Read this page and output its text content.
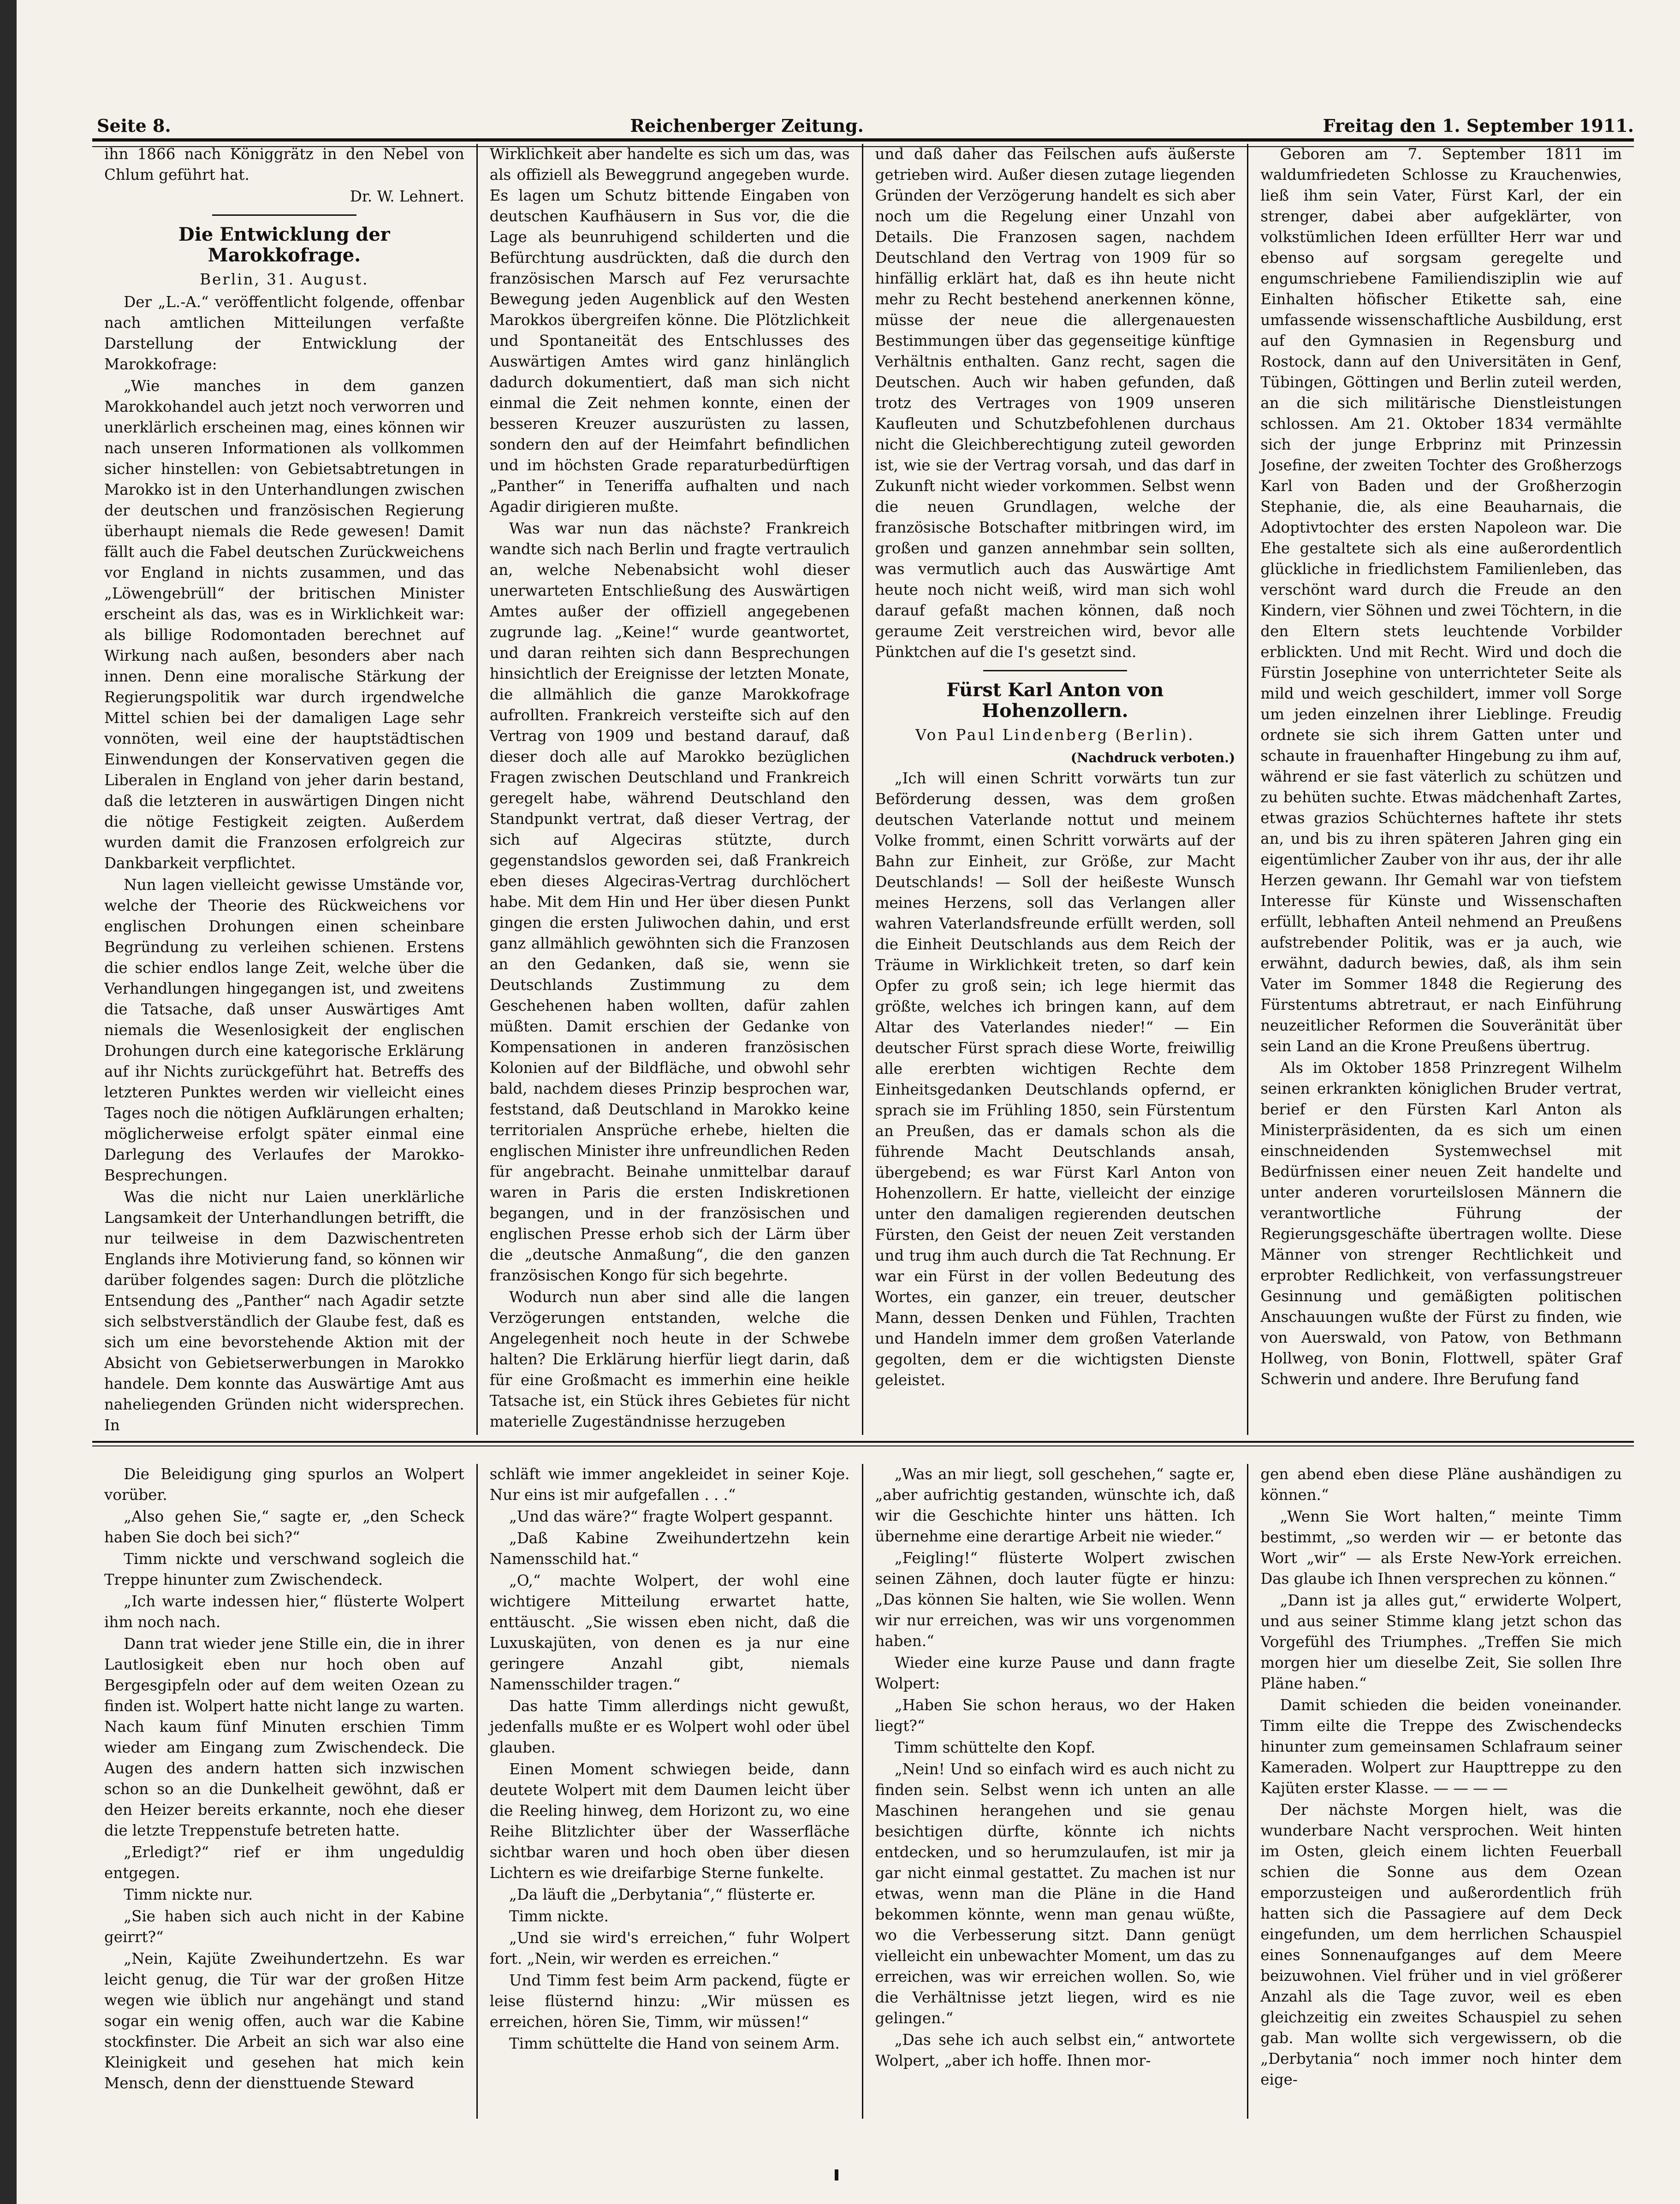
Seite 8.	Reichenberger Zeitung.	Freitag den 1. September 1911.

ihn 1866 nach Königgrätz in den Nebel von Chlum geführt hat.

Dr. W. Lehnert.

Die Entwicklung der Marokkofrage.
Berlin, 31. August.

Der „L.-A.“ veröffentlicht folgende, offenbar nach amtlichen Mitteilungen verfaßte Darstellung der Entwicklung der Marokkofrage:

„Wie manches in dem ganzen Marokkohandel auch jetzt noch verworren und unerklärlich erscheinen mag, eines können wir nach unseren Informationen als vollkommen sicher hinstellen: von Gebietsabtretungen in Marokko ist in den Unterhandlungen zwischen der deutschen und französischen Regierung überhaupt niemals die Rede gewesen! Damit fällt auch die Fabel deutschen Zurückweichens vor England in nichts zusammen, und das „Löwengebrüll“ der britischen Minister erscheint als das, was es in Wirklichkeit war: als billige Rodomontaden berechnet auf Wirkung nach außen, besonders aber nach innen. Denn eine moralische Stärkung der Regierungspolitik war durch irgendwelche Mittel schien bei der damaligen Lage sehr vonnöten, weil eine der hauptstädtischen Einwendungen der Konservativen gegen die Liberalen in England von jeher darin bestand, daß die letzteren in auswärtigen Dingen nicht die nötige Festigkeit zeigten. Außerdem wurden damit die Franzosen erfolgreich zur Dankbarkeit verpflichtet.

Nun lagen vielleicht gewisse Umstände vor, welche der Theorie des Rückweichens vor englischen Drohungen einen scheinbare Begründung zu verleihen schienen. Erstens die schier endlos lange Zeit, welche über die Verhandlungen hingegangen ist, und zweitens die Tatsache, daß unser Auswärtiges Amt niemals die Wesenlosigkeit der englischen Drohungen durch eine kategorische Erklärung auf ihr Nichts zurückgeführt hat. Betreffs des letzteren Punktes werden wir vielleicht eines Tages noch die nötigen Aufklärungen erhalten; möglicherweise erfolgt später einmal eine Darlegung des Verlaufes der Marokko-Besprechungen.

Was die nicht nur Laien unerklärliche Langsamkeit der Unterhandlungen betrifft, die nur teilweise in dem Dazwischentreten Englands ihre Motivierung fand, so können wir darüber folgendes sagen: Durch die plötzliche Entsendung des „Panther“ nach Agadir setzte sich selbstverständlich der Glaube fest, daß es sich um eine bevorstehende Aktion mit der Absicht von Gebietserwerbungen in Marokko handele. Dem konnte das Auswärtige Amt aus naheliegenden Gründen nicht widersprechen. In

Wirklichkeit aber handelte es sich um das, was als offiziell als Beweggrund angegeben wurde. Es lagen um Schutz bittende Eingaben von deutschen Kaufhäusern in Sus vor, die die Lage als beunruhigend schilderten und die Befürchtung ausdrückten, daß die durch den französischen Marsch auf Fez verursachte Bewegung jeden Augenblick auf den Westen Marokkos übergreifen könne. Die Plötzlichkeit und Spontaneität des Entschlusses des Auswärtigen Amtes wird ganz hinlänglich dadurch dokumentiert, daß man sich nicht einmal die Zeit nehmen konnte, einen der besseren Kreuzer auszurüsten zu lassen, sondern den auf der Heimfahrt befindlichen und im höchsten Grade reparaturbedürftigen „Panther“ in Teneriffa aufhalten und nach Agadir dirigieren mußte.

Was war nun das nächste? Frankreich wandte sich nach Berlin und fragte vertraulich an, welche Nebenabsicht wohl dieser unerwarteten Entschließung des Auswärtigen Amtes außer der offiziell angegebenen zugrunde lag. „Keine!“ wurde geantwortet, und daran reihten sich dann Besprechungen hinsichtlich der Ereignisse der letzten Monate, die allmählich die ganze Marokkofrage aufrollten. Frankreich versteifte sich auf den Vertrag von 1909 und bestand darauf, daß dieser doch alle auf Marokko bezüglichen Fragen zwischen Deutschland und Frankreich geregelt habe, während Deutschland den Standpunkt vertrat, daß dieser Vertrag, der sich auf Algeciras stützte, durch gegenstandslos geworden sei, daß Frankreich eben dieses Algeciras-Vertrag durchlöchert habe. Mit dem Hin und Her über diesen Punkt gingen die ersten Juliwochen dahin, und erst ganz allmählich gewöhnten sich die Franzosen an den Gedanken, daß sie, wenn sie Deutschlands Zustimmung zu dem Geschehenen haben wollten, dafür zahlen müßten. Damit erschien der Gedanke von Kompensationen in anderen französischen Kolonien auf der Bildfläche, und obwohl sehr bald, nachdem dieses Prinzip besprochen war, feststand, daß Deutschland in Marokko keine territorialen Ansprüche erhebe, hielten die englischen Minister ihre unfreundlichen Reden für angebracht. Beinahe unmittelbar darauf waren in Paris die ersten Indiskretionen begangen, und in der französischen und englischen Presse erhob sich der Lärm über die „deutsche Anmaßung“, die den ganzen französischen Kongo für sich begehrte.

Wodurch nun aber sind alle die langen Verzögerungen entstanden, welche die Angelegenheit noch heute in der Schwebe halten? Die Erklärung hierfür liegt darin, daß für eine Großmacht es immerhin eine heikle Tatsache ist, ein Stück ihres Gebietes für nicht materielle Zugeständnisse herzugeben

und daß daher das Feilschen aufs äußerste getrieben wird. Außer diesen zutage liegenden Gründen der Verzögerung handelt es sich aber noch um die Regelung einer Unzahl von Details. Die Franzosen sagen, nachdem Deutschland den Vertrag von 1909 für so hinfällig erklärt hat, daß es ihn heute nicht mehr zu Recht bestehend anerkennen könne, müsse der neue die allergenauesten Bestimmungen über das gegenseitige künftige Verhältnis enthalten. Ganz recht, sagen die Deutschen. Auch wir haben gefunden, daß trotz des Vertrages von 1909 unseren Kaufleuten und Schutzbefohlenen durchaus nicht die Gleichberechtigung zuteil geworden ist, wie sie der Vertrag vorsah, und das darf in Zukunft nicht wieder vorkommen. Selbst wenn die neuen Grundlagen, welche der französische Botschafter mitbringen wird, im großen und ganzen annehmbar sein sollten, was vermutlich auch das Auswärtige Amt heute noch nicht weiß, wird man sich wohl darauf gefaßt machen können, daß noch geraume Zeit verstreichen wird, bevor alle Pünktchen auf die I's gesetzt sind.

Fürst Karl Anton von Hohenzollern.
Von Paul Lindenberg (Berlin).
(Nachdruck verboten.)

„Ich will einen Schritt vorwärts tun zur Beförderung dessen, was dem großen deutschen Vaterlande nottut und meinem Volke frommt, einen Schritt vorwärts auf der Bahn zur Einheit, zur Größe, zur Macht Deutschlands! — Soll der heißeste Wunsch meines Herzens, soll das Verlangen aller wahren Vaterlandsfreunde erfüllt werden, soll die Einheit Deutschlands aus dem Reich der Träume in Wirklichkeit treten, so darf kein Opfer zu groß sein; ich lege hiermit das größte, welches ich bringen kann, auf dem Altar des Vaterlandes nieder!“ — Ein deutscher Fürst sprach diese Worte, freiwillig alle ererbten wichtigen Rechte dem Einheitsgedanken Deutschlands opfernd, er sprach sie im Frühling 1850, sein Fürstentum an Preußen, das er damals schon als die führende Macht Deutschlands ansah, übergebend; es war Fürst Karl Anton von Hohenzollern. Er hatte, vielleicht der einzige unter den damaligen regierenden deutschen Fürsten, den Geist der neuen Zeit verstanden und trug ihm auch durch die Tat Rechnung. Er war ein Fürst in der vollen Bedeutung des Wortes, ein ganzer, ein treuer, deutscher Mann, dessen Denken und Fühlen, Trachten und Handeln immer dem großen Vaterlande gegolten, dem er die wichtigsten Dienste geleistet.

Geboren am 7. September 1811 im waldumfriedeten Schlosse zu Krauchenwies, ließ ihm sein Vater, Fürst Karl, der ein strenger, dabei aber aufgeklärter, von volkstümlichen Ideen erfüllter Herr war und ebenso auf sorgsam geregelte und engumschriebene Familiendisziplin wie auf Einhalten höfischer Etikette sah, eine umfassende wissenschaftliche Ausbildung, erst auf den Gymnasien in Regensburg und Rostock, dann auf den Universitäten in Genf, Tübingen, Göttingen und Berlin zuteil werden, an die sich militärische Dienstleistungen schlossen. Am 21. Oktober 1834 vermählte sich der junge Erbprinz mit Prinzessin Josefine, der zweiten Tochter des Großherzogs Karl von Baden und der Großherzogin Stephanie, die, als eine Beauharnais, die Adoptivtochter des ersten Napoleon war. Die Ehe gestaltete sich als eine außerordentlich glückliche in friedlichstem Familienleben, das verschönt ward durch die Freude an den Kindern, vier Söhnen und zwei Töchtern, in die den Eltern stets leuchtende Vorbilder erblickten. Und mit Recht. Wird und doch die Fürstin Josephine von unterrichteter Seite als mild und weich geschildert, immer voll Sorge um jeden einzelnen ihrer Lieblinge. Freudig ordnete sie sich ihrem Gatten unter und schaute in frauenhafter Hingebung zu ihm auf, während er sie fast väterlich zu schützen und zu behüten suchte. Etwas mädchenhaft Zartes, etwas grazios Schüchternes haftete ihr stets an, und bis zu ihren späteren Jahren ging ein eigentümlicher Zauber von ihr aus, der ihr alle Herzen gewann. Ihr Gemahl war von tiefstem Interesse für Künste und Wissenschaften erfüllt, lebhaften Anteil nehmend an Preußens aufstrebender Politik, was er ja auch, wie erwähnt, dadurch bewies, daß, als ihm sein Vater im Sommer 1848 die Regierung des Fürstentums abtretraut, er nach Einführung neuzeitlicher Reformen die Souveränität über sein Land an die Krone Preußens übertrug.

Als im Oktober 1858 Prinzregent Wilhelm seinen erkrankten königlichen Bruder vertrat, berief er den Fürsten Karl Anton als Ministerpräsidenten, da es sich um einen einschneidenden Systemwechsel mit Bedürfnissen einer neuen Zeit handelte und unter anderen vorurteilslosen Männern die verantwortliche Führung der Regierungsgeschäfte übertragen wollte. Diese Männer von strenger Rechtlichkeit und erprobter Redlichkeit, von verfassungstreuer Gesinnung und gemäßigten politischen Anschauungen wußte der Fürst zu finden, wie von Auerswald, von Patow, von Bethmann Hollweg, von Bonin, Flottwell, später Graf Schwerin und andere. Ihre Berufung fand

Die Beleidigung ging spurlos an Wolpert vorüber.

„Also gehen Sie,“ sagte er, „den Scheck haben Sie doch bei sich?“

Timm nickte und verschwand sogleich die Treppe hinunter zum Zwischendeck.

„Ich warte indessen hier,“ flüsterte Wolpert ihm noch nach.

Dann trat wieder jene Stille ein, die in ihrer Lautlosigkeit eben nur hoch oben auf Bergesgipfeln oder auf dem weiten Ozean zu finden ist. Wolpert hatte nicht lange zu warten. Nach kaum fünf Minuten erschien Timm wieder am Eingang zum Zwischendeck. Die Augen des andern hatten sich inzwischen schon so an die Dunkelheit gewöhnt, daß er den Heizer bereits erkannte, noch ehe dieser die letzte Treppenstufe betreten hatte.

„Erledigt?“ rief er ihm ungeduldig entgegen.

Timm nickte nur.

„Sie haben sich auch nicht in der Kabine geirrt?“

„Nein, Kajüte Zweihundertzehn. Es war leicht genug, die Tür war der großen Hitze wegen wie üblich nur angehängt und stand sogar ein wenig offen, auch war die Kabine stockfinster. Die Arbeit an sich war also eine Kleinigkeit und gesehen hat mich kein Mensch, denn der diensttuende Steward

schläft wie immer angekleidet in seiner Koje. Nur eins ist mir aufgefallen . . .“

„Und das wäre?“ fragte Wolpert gespannt.

„Daß Kabine Zweihundertzehn kein Namensschild hat.“

„O,“ machte Wolpert, der wohl eine wichtigere Mitteilung erwartet hatte, enttäuscht. „Sie wissen eben nicht, daß die Luxuskajüten, von denen es ja nur eine geringere Anzahl gibt, niemals Namensschilder tragen.“

Das hatte Timm allerdings nicht gewußt, jedenfalls mußte er es Wolpert wohl oder übel glauben.

Einen Moment schwiegen beide, dann deutete Wolpert mit dem Daumen leicht über die Reeling hinweg, dem Horizont zu, wo eine Reihe Blitzlichter über der Wasserfläche sichtbar waren und hoch oben über diesen Lichtern es wie dreifarbige Sterne funkelte.

„Da läuft die „Derbytania“,“ flüsterte er.

Timm nickte.

„Und sie wird's erreichen,“ fuhr Wolpert fort. „Nein, wir werden es erreichen.“

Und Timm fest beim Arm packend, fügte er leise flüsternd hinzu: „Wir müssen es erreichen, hören Sie, Timm, wir müssen!“

Timm schüttelte die Hand von seinem Arm.

„Was an mir liegt, soll geschehen,“ sagte er, „aber aufrichtig gestanden, wünschte ich, daß wir die Geschichte hinter uns hätten. Ich übernehme eine derartige Arbeit nie wieder.“

„Feigling!“ flüsterte Wolpert zwischen seinen Zähnen, doch lauter fügte er hinzu: „Das können Sie halten, wie Sie wollen. Wenn wir nur erreichen, was wir uns vorgenommen haben.“

Wieder eine kurze Pause und dann fragte Wolpert:

„Haben Sie schon heraus, wo der Haken liegt?“

Timm schüttelte den Kopf.

„Nein! Und so einfach wird es auch nicht zu finden sein. Selbst wenn ich unten an alle Maschinen herangehen und sie genau besichtigen dürfte, könnte ich nichts entdecken, und so herumzulaufen, ist mir ja gar nicht einmal gestattet. Zu machen ist nur etwas, wenn man die Pläne in die Hand bekommen könnte, wenn man genau wüßte, wo die Verbesserung sitzt. Dann genügt vielleicht ein unbewachter Moment, um das zu erreichen, was wir erreichen wollen. So, wie die Verhältnisse jetzt liegen, wird es nie gelingen.“

„Das sehe ich auch selbst ein,“ antwortete Wolpert, „aber ich hoffe. Ihnen mor-

gen abend eben diese Pläne aushändigen zu können.“

„Wenn Sie Wort halten,“ meinte Timm bestimmt, „so werden wir — er betonte das Wort „wir“ — als Erste New-York erreichen. Das glaube ich Ihnen versprechen zu können.“

„Dann ist ja alles gut,“ erwiderte Wolpert, und aus seiner Stimme klang jetzt schon das Vorgefühl des Triumphes. „Treffen Sie mich morgen hier um dieselbe Zeit, Sie sollen Ihre Pläne haben.“

Damit schieden die beiden voneinander. Timm eilte die Treppe des Zwischendecks hinunter zum gemeinsamen Schlafraum seiner Kameraden. Wolpert zur Haupttreppe zu den Kajüten erster Klasse. — — — —

Der nächste Morgen hielt, was die wunderbare Nacht versprochen. Weit hinten im Osten, gleich einem lichten Feuerball schien die Sonne aus dem Ozean emporzusteigen und außerordentlich früh hatten sich die Passagiere auf dem Deck eingefunden, um dem herrlichen Schauspiel eines Sonnenaufganges auf dem Meere beizuwohnen. Viel früher und in viel größerer Anzahl als die Tage zuvor, weil es eben gleichzeitig ein zweites Schauspiel zu sehen gab. Man wollte sich vergewissern, ob die „Derbytania“ noch immer noch hinter dem eige-
